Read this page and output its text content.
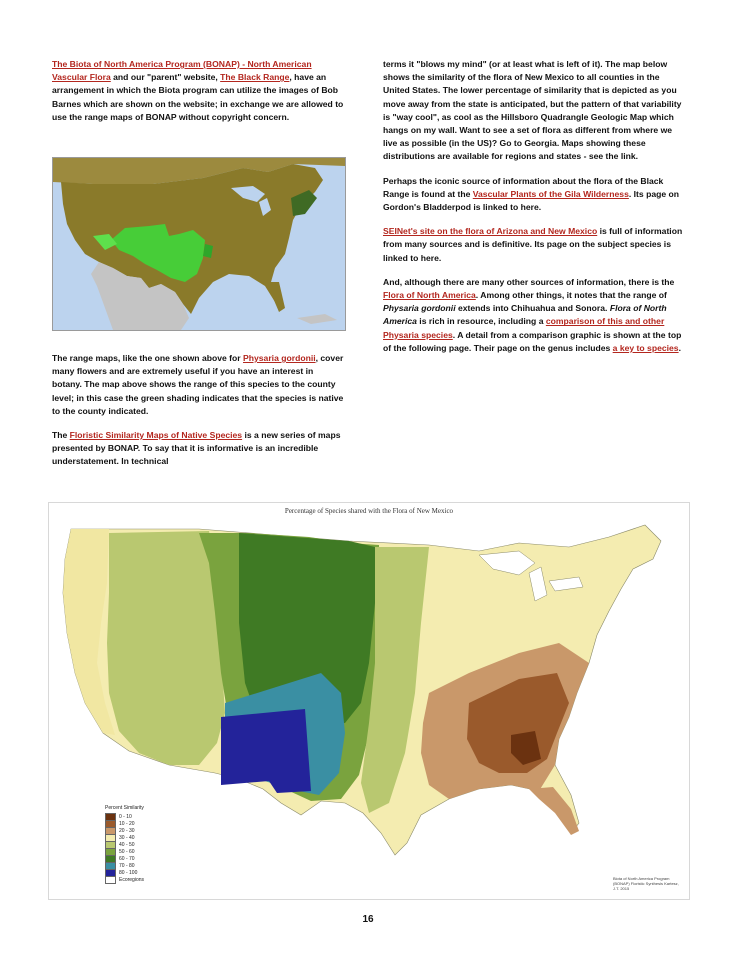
The Biota of North America Program (BONAP) - North American Vascular Flora and our "parent" website, The Black Range, have an arrangement in which the Biota program can utilize the images of Bob Barnes which are shown on the website; in exchange we are allowed to use the range maps of BONAP without copyright concern.

The range maps, like the one shown above for Physaria gordonii, cover many flowers and are extremely useful if you have an interest in botany. The map above shows the range of this species to the county level; in this case the green shading indicates that the species is native to the county indicated.

The Floristic Similarity Maps of Native Species is a new series of maps presented by BONAP. To say that it is informative is an incredible understatement. In technical

terms it "blows my mind" (or at least what is left of it). The map below shows the similarity of the flora of New Mexico to all counties in the United States. The lower percentage of similarity that is depicted as you move away from the state is anticipated, but the pattern of that variability is "way cool", as cool as the Hillsboro Quadrangle Geologic Map which hangs on my wall. Want to see a set of flora as different from where we live as possible (in the US)? Go to Georgia. Maps showing these distributions are available for regions and states - see the link.

Perhaps the iconic source of information about the flora of the Black Range is found at the Vascular Plants of the Gila Wilderness. Its page on Gordon's Bladderpod is linked to here.

SEINet's site on the flora of Arizona and New Mexico is full of information from many sources and is definitive. Its page on the subject species is linked to here.

And, although there are many other sources of information, there is the Flora of North America. Among other things, it notes that the range of Physaria gordonii extends into Chihuahua and Sonora. Flora of North America is rich in resource, including a comparison of this and other Physaria species. A detail from a comparison graphic is shown at the top of the following page. Their page on the genus includes a key to species.

Percentage of Species shared with the Flora of New Mexico
Percent Similarity
0 - 10
10 - 20
20 - 30
30 - 40
40 - 50
50 - 60
60 - 70
70 - 80
80 - 100
Ecoregions	Biota of North America Program (BONAP) Floristic Synthesis Kartesz, J.T. 2015
16
